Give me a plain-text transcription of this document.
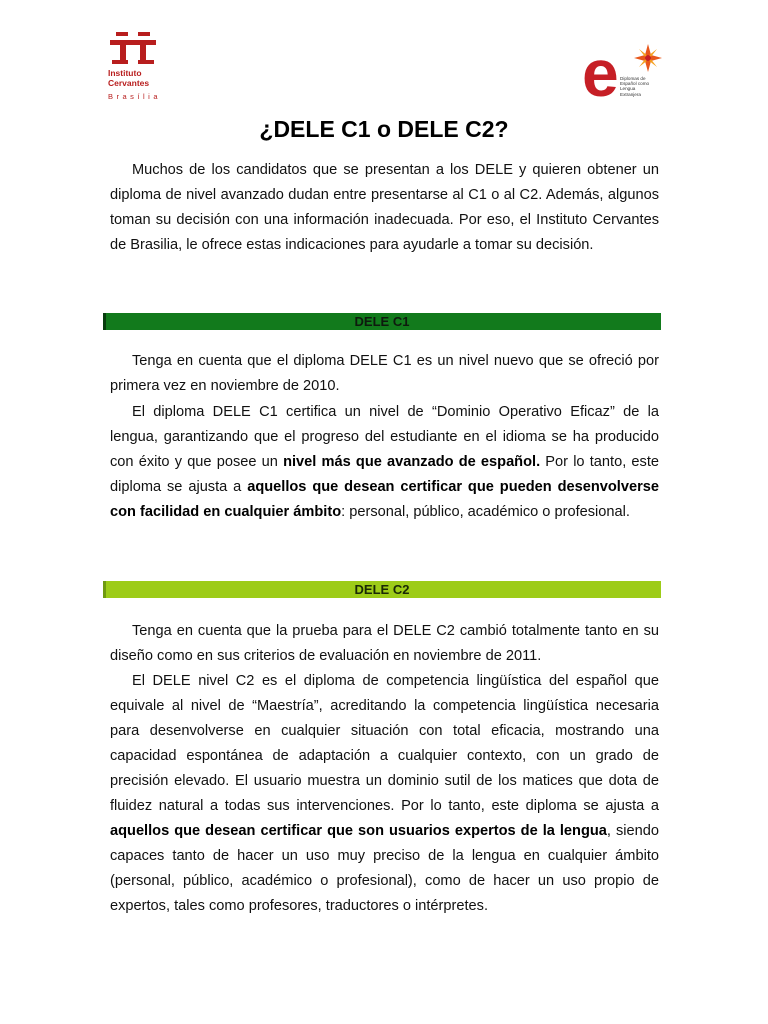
Instituto
Cervantes
Brasília	e Diplomas de
Español como
Lengua
Extranjera
¿DELE C1 o DELE C2?

Muchos de los candidatos que se presentan a los DELE y quieren obtener un diploma de nivel avanzado dudan entre presentarse al C1 o al C2. Además, algunos toman su decisión con una información inadecuada. Por eso, el Instituto Cervantes de Brasilia, le ofrece estas indicaciones para ayudarle a tomar su decisión.

DELE C1

Tenga en cuenta que el diploma DELE C1 es un nivel nuevo que se ofreció por primera vez en noviembre de 2010.

El diploma DELE C1 certifica un nivel de “Dominio Operativo Eficaz” de la lengua, garantizando que el progreso del estudiante en el idioma se ha producido con éxito y que posee un nivel más que avanzado de español. Por lo tanto, este diploma se ajusta a aquellos que desean certificar que pueden desenvolverse con facilidad en cualquier ámbito: personal, público, académico o profesional.

DELE C2

Tenga en cuenta que la prueba para el DELE C2 cambió totalmente tanto en su diseño como en sus criterios de evaluación en noviembre de 2011.

El DELE nivel C2 es el diploma de competencia lingüística del español que equivale al nivel de “Maestría”, acreditando la competencia lingüística necesaria para desenvolverse en cualquier situación con total eficacia, mostrando una capacidad espontánea de adaptación a cualquier contexto, con un grado de precisión elevado. El usuario muestra un dominio sutil de los matices que dota de fluidez natural a todas sus intervenciones. Por lo tanto, este diploma se ajusta a aquellos que desean certificar que son usuarios expertos de la lengua, siendo capaces tanto de hacer un uso muy preciso de la lengua en cualquier ámbito (personal, público, académico o profesional), como de hacer un uso propio de expertos, tales como profesores, traductores o intérpretes.
